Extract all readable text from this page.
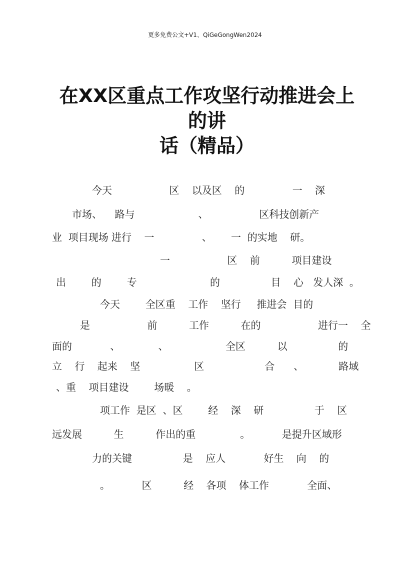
更多免费公文+V1、QiGeGongWen2024
在XX区重点工作攻坚行动推进会上的讲
话（精品）
今天                  区    以及区    的               一    深
市场、    路与                    、                区科技创新产
业  项目现场 进行    一               、      一  的实地    研。
一                  区    前          项目建设
出        的        专                       的                目    心   发人深  。
今天        全区重    工作    坚行     推进会  目的
是                  前          工作          在的                  进行一    全
面的            、            、                  全区          以                的
立    行    起来    坚                 区                   合      、           路域
、重    项目建设        场暖    。
项工作  是区  、区        经    深    研                于    区
远发展          生          作出的重              。          是提升区域形
力的关键                是    应人            好生    向    的
。          区          经    各项    体工作            全面、
